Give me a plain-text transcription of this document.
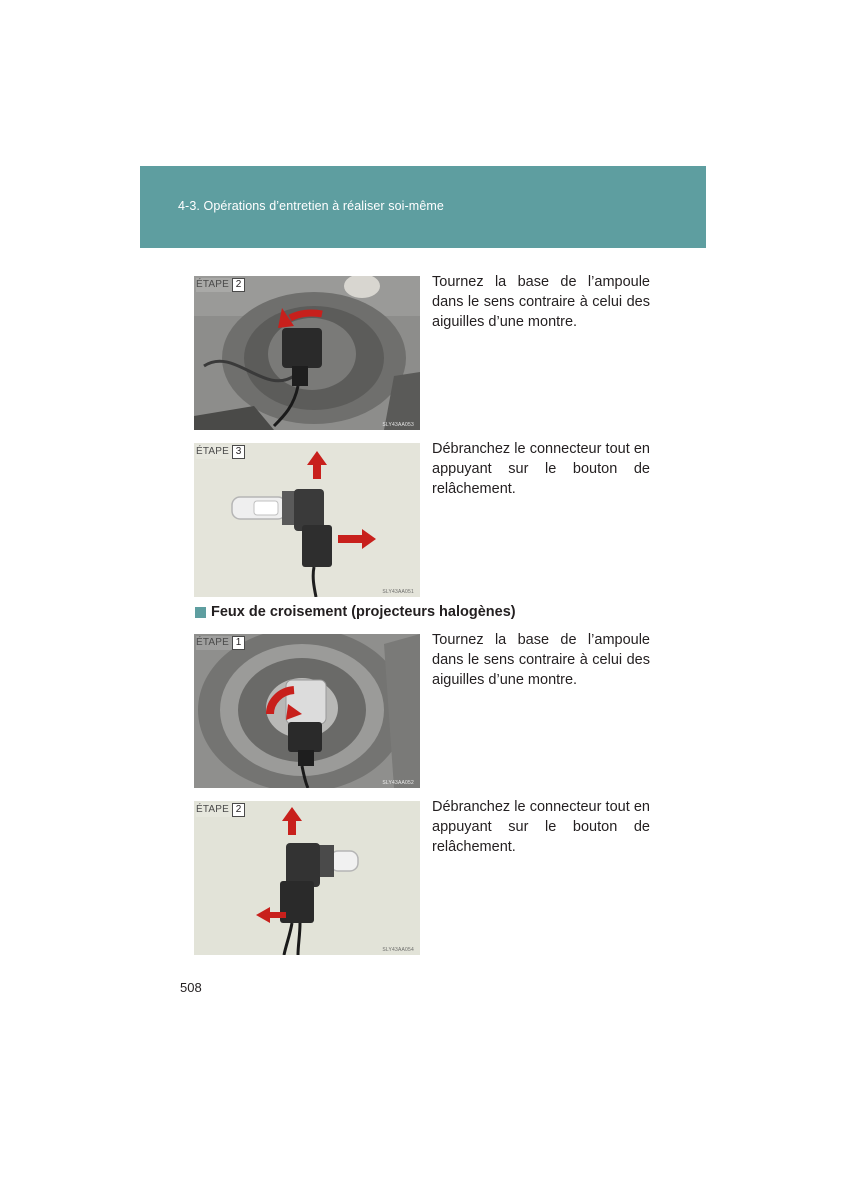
4-3. Opérations d’entretien à réaliser soi-même
ÉTAPE 2
SLY43AA053
Tournez la base de l’ampoule dans le sens contraire à celui des aiguilles d’une montre.
ÉTAPE 3
SLY43AA051
Débranchez le connecteur tout en appuyant sur le bouton de relâchement.
Feux de croisement (projecteurs halogènes)
ÉTAPE 1
SLY43AA052
Tournez la base de l’ampoule dans le sens contraire à celui des aiguilles d’une montre.
ÉTAPE 2
SLY43AA054
Débranchez le connecteur tout en appuyant sur le bouton de relâchement.
508
